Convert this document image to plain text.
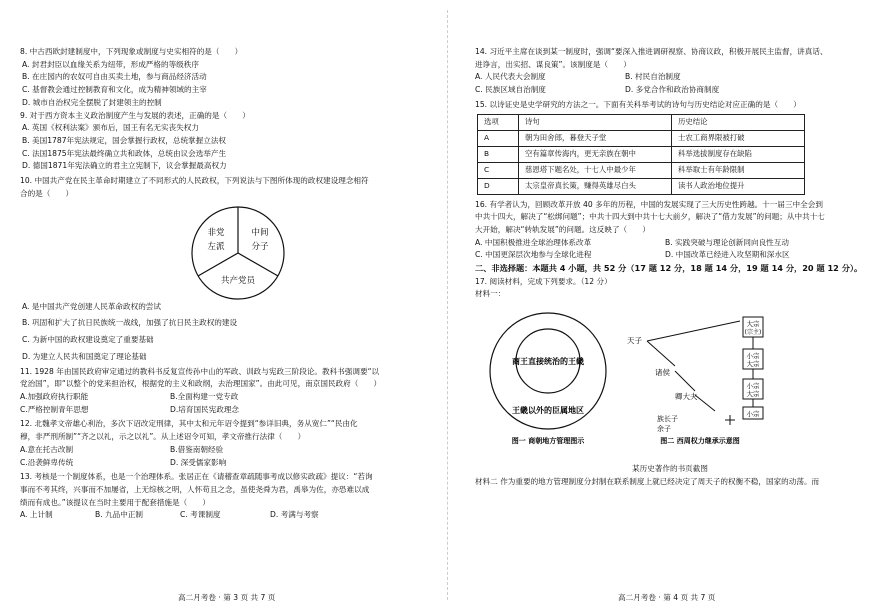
8. 中古西欧封建制度中，下列现象或制度与史实相符的是（　　）

A. 封君封臣以血缘关系为纽带，形成严格的等级秩序

B. 在庄园内的农奴可自由买卖土地，参与商品经济活动

C. 基督教会通过控制教育和文化，成为精神领域的主宰

D. 城市自治权完全摆脱了封建领主的控制

9. 对于西方资本主义政治制度产生与发展的表述，正确的是（　　）

A. 英国《权利法案》颁布后，国王有名无实丧失权力

B. 美国1787年宪法规定，国会掌握行政权，总统掌握立法权

C. 法国1875年宪法最终确立共和政体，总统由议会选举产生

D. 德国1871年宪法确立的君主立宪制下，议会掌握最高权力

10. 中国共产党在民主革命时期建立了不同形式的人民政权，下列说法与下图所体现的政权建设理念相符

合的是（　　）

非党
左派
中间
分子
共产党员

A. 是中国共产党创建人民革命政权的尝试

B. 巩固和扩大了抗日民族统一战线，加强了抗日民主政权的建设

C. 为新中国的政权建设奠定了重要基础

D. 为建立人民共和国奠定了理论基础

11. 1928 年由国民政府审定通过的教科书反复宣传孙中山的军政、训政与宪政三阶段论。教科书强调要“以

党治国”，即“以整个的党来担治权，根据党的主义和政纲，去治理国家”。由此可见，南京国民政府（　　）

A.加强政府执行职能	B.全面构建一党专政
C.严格控制青年思想	D.培育国民宪政理念

12. 北魏孝文帝雄心利治，多次下诏改定刑律，其中太和元年诏令提到“参详旧典，务从宽仁”“民由化

穆，非严刑所制”“齐之以礼，示之以礼”。从上述诏令可知，孝文帝推行法律（　　）

A.意在托古改制	B.借鉴南朝经验
C.沿袭鲜卑传统	D. 深受儒家影响

13. 考核是一个制度体系，也是一个治理体系。张居正在《请稽查章疏随事考成以修实政疏》提议：“若询

事而不考其终，兴事而不加屡省，上无综核之明，人怀苟且之念，虽使尧舜为君，禹皋为佐，亦恐难以成

绩而有成也。”该提议在当时主要用于配套措施是（　　）

A. 上计制	B. 九品中正制	C. 考课制度	D. 考满与考察
高二月考卷 · 第 3 页 共 7 页

14. 习近平主席在谈到某一制度时，强调“要深入推进调研视察、协商议政，积极开展民主监督，讲真话、

进诤言，出实招、谋良策”。该制度是（　　）

A. 人民代表大会制度	B. 村民自治制度
C. 民族区域自治制度	D. 多党合作和政治协商制度

15. 以诗证史是史学研究的方法之一。下面有关科举考试的诗句与历史结论对应正确的是（　　）

选项	诗句	历史结论
A	朝为田舍郎，暮登天子堂	士农工商界限被打破
B	空有篇章传海内，更无亲族在朝中	科举选拔制度存在缺陷
C	慈恩塔下题名处，十七人中最少年	科举取士有年龄限制
D	太宗皇帝真长策，赚得英雄尽白头	读书人政治地位提升

16. 有学者认为，回顾改革开放 40 多年的历程，中国的发展实现了三大历史性跨越。十一届三中全会到

中共十四大，解决了“松绑问题”；中共十四大到中共十七大前夕，解决了“借力发展”的问题；从中共十七

大开始，解决“转轨发展”的问题。这反映了（　　）

A. 中国积极推进全球治理体系改革	B. 实践突破与理论创新同向良性互动
C. 中国更深层次地参与全球化进程	D. 中国改革已经进入攻坚期和深水区

二、非选择题：本题共 4 小题，共 52 分（17 题 12 分，18 题 14 分，19 题 14 分，20 题 12 分）。

17. 阅读材料，完成下列要求。（12 分）

材料一：

商王直接统治的王畿
王畿以外的臣属地区
图一 商朝地方管理图示
天子
诸侯
卿大夫
族长子
余子
大宗
(宗主)
小宗
大宗
小宗
大宗
小宗
图二 西周权力继承示意图

某历史著作的书页截图

材料二 作为重要的地方管理制度分封制在联系制度上就已经决定了周天子的权衡不稳，国家的动荡。而

高二月考卷 · 第 4 页 共 7 页
